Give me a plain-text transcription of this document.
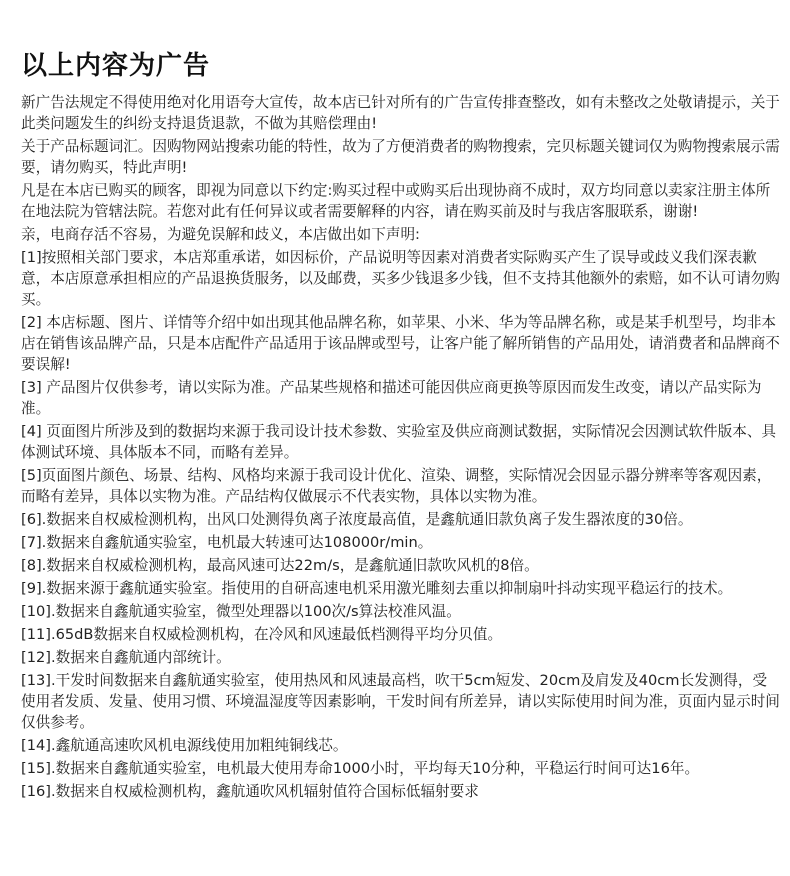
以上内容为广告

新广告法规定不得使用绝对化用语夸大宣传，故本店已针对所有的广告宣传排查整改，如有未整改之处敬请提示，关于此类问题发生的纠纷支持退货退款，不做为其赔偿理由!

关于产品标题词汇。因购物网站搜索功能的特性，故为了方便消费者的购物搜索，完贝标题关键词仅为购物搜索展示需要，请勿购买，特此声明!

凡是在本店已购买的顾客，即视为同意以下约定:购买过程中或购买后出现协商不成时，双方均同意以卖家注册主体所在地法院为管辖法院。若您对此有任何异议或者需要解释的内容，请在购买前及时与我店客服联系，谢谢!

亲，电商存活不容易，为避免误解和歧义，本店做出如下声明:

[1]按照相关部门要求，本店郑重承诺，如因标价，产品说明等因素对消费者实际购买产生了误导或歧义我们深表歉意，本店原意承担相应的产品退换货服务，以及邮费，买多少钱退多少钱，但不支持其他额外的索赔，如不认可请勿购买。

[2] 本店标题、图片、详情等介绍中如出现其他品牌名称，如苹果、小米、华为等品牌名称，或是某手机型号，均非本店在销售该品牌产品，只是本店配件产品适用于该品牌或型号，让客户能了解所销售的产品用处，请消费者和品牌商不要误解!

[3] 产品图片仅供参考，请以实际为准。产品某些规格和描述可能因供应商更换等原因而发生改变，请以产品实际为准。

[4] 页面图片所涉及到的数据均来源于我司设计技术参数、实验室及供应商测试数据，实际情况会因测试软件版本、具体测试环境、具体版本不同，而略有差异。

[5]页面图片颜色、场景、结构、风格均来源于我司设计优化、渲染、调整，实际情况会因显示器分辨率等客观因素，而略有差异，具体以实物为准。产品结构仅做展示不代表实物，具体以实物为准。

[6].数据来自权威检测机构，出风口处测得负离子浓度最高值，是鑫航通旧款负离子发生器浓度的30倍。

[7].数据来自鑫航通实验室，电机最大转速可达108000r/min。

[8].数据来自权威检测机构，最高风速可达22m/s，是鑫航通旧款吹风机的8倍。

[9].数据来源于鑫航通实验室。指使用的自研高速电机采用激光雕刻去重以抑制扇叶抖动实现平稳运行的技术。

[10].数据来自鑫航通实验室，微型处理器以100次/s算法校准风温。

[11].65dB数据来自权威检测机构，在冷风和风速最低档测得平均分贝值。

[12].数据来自鑫航通内部统计。

[13].干发时间数据来自鑫航通实验室，使用热风和风速最高档，吹干5cm短发、20cm及肩发及40cm长发测得，受使用者发质、发量、使用习惯、环境温湿度等因素影响，干发时间有所差异，请以实际使用时间为准，页面内显示时间仅供参考。

[14].鑫航通高速吹风机电源线使用加粗纯铜线芯。

[15].数据来自鑫航通实验室，电机最大使用寿命1000小时，平均每天10分种，平稳运行时间可达16年。

[16].数据来自权威检测机构，鑫航通吹风机辐射值符合国标低辐射要求
